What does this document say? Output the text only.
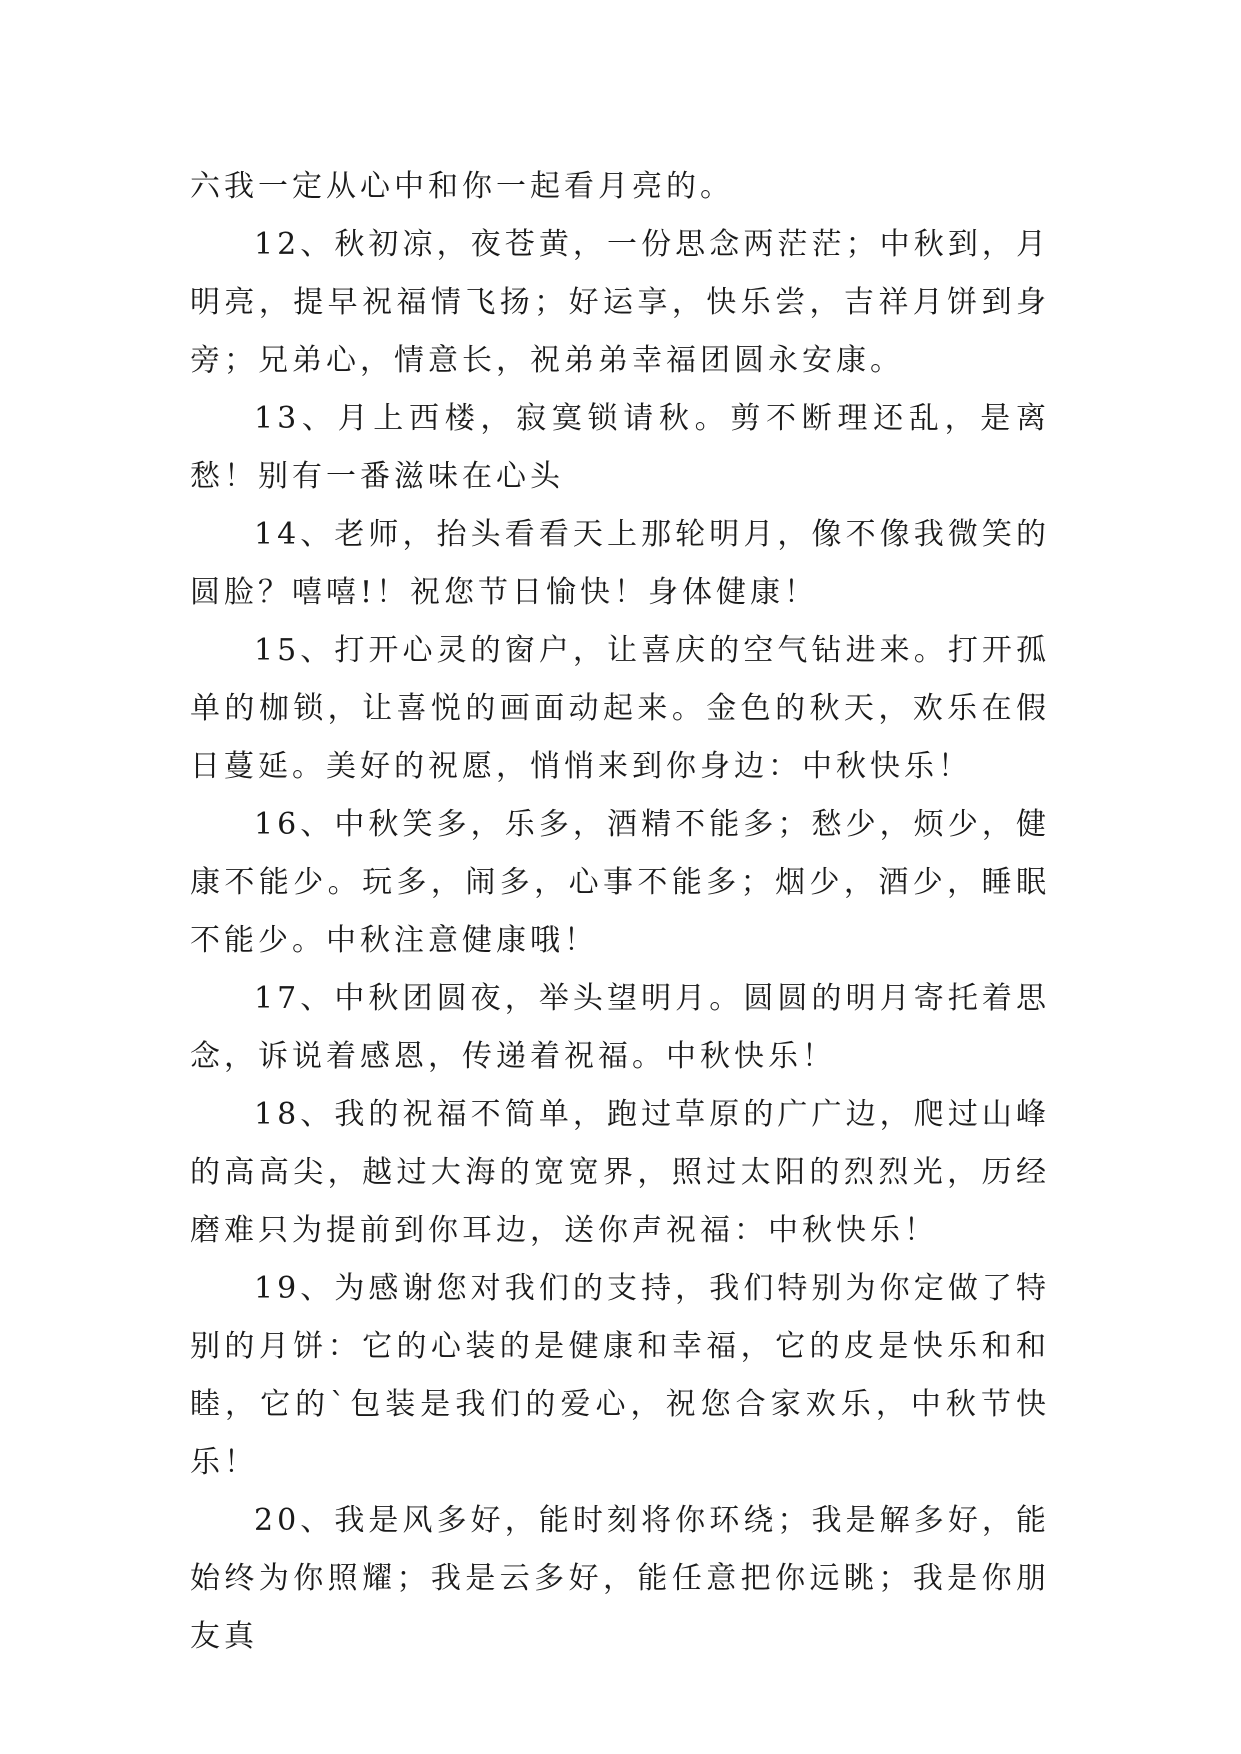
六我一定从心中和你一起看月亮的。

12、秋初凉，夜苍黄，一份思念两茫茫；中秋到，月明亮，提早祝福情飞扬；好运享，快乐尝，吉祥月饼到身旁；兄弟心，情意长，祝弟弟幸福团圆永安康。

13、月上西楼，寂寞锁请秋。剪不断理还乱，是离愁！别有一番滋味在心头

14、老师，抬头看看天上那轮明月，像不像我微笑的圆脸？嘻嘻!！祝您节日愉快！身体健康！

15、打开心灵的窗户，让喜庆的空气钻进来。打开孤单的枷锁，让喜悦的画面动起来。金色的秋天，欢乐在假日蔓延。美好的祝愿，悄悄来到你身边：中秋快乐！

16、中秋笑多，乐多，酒精不能多；愁少，烦少，健康不能少。玩多，闹多，心事不能多；烟少，酒少，睡眠不能少。中秋注意健康哦！

17、中秋团圆夜，举头望明月。圆圆的明月寄托着思念，诉说着感恩，传递着祝福。中秋快乐！

18、我的祝福不简单，跑过草原的广广边，爬过山峰的高高尖，越过大海的宽宽界，照过太阳的烈烈光，历经磨难只为提前到你耳边，送你声祝福：中秋快乐！

19、为感谢您对我们的支持，我们特别为你定做了特别的月饼：它的心装的是健康和幸福，它的皮是快乐和和睦，它的`包装是我们的爱心，祝您合家欢乐，中秋节快乐！

20、我是风多好，能时刻将你环绕；我是解多好，能始终为你照耀；我是云多好，能任意把你远眺；我是你朋友真
